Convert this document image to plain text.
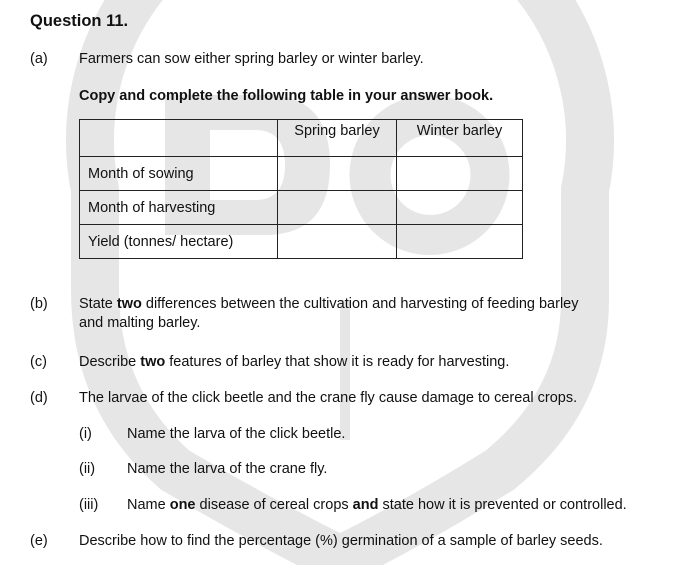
Question 11.
(a) Farmers can sow either spring barley or winter barley.
Copy and complete the following table in your answer book.
	Spring barley	Winter barley
Month of sowing		
Month of harvesting		
Yield (tonnes/ hectare)		
(b) State two differences between the cultivation and harvesting of feeding barley
and malting barley.
(c) Describe two features of barley that show it is ready for harvesting.
(d) The larvae of the click beetle and the crane fly cause damage to cereal crops.
(i) Name the larva of the click beetle.
(ii) Name the larva of the crane fly.
(iii) Name one disease of cereal crops and state how it is prevented or controlled.
(e) Describe how to find the percentage (%) germination of a sample of barley seeds.
